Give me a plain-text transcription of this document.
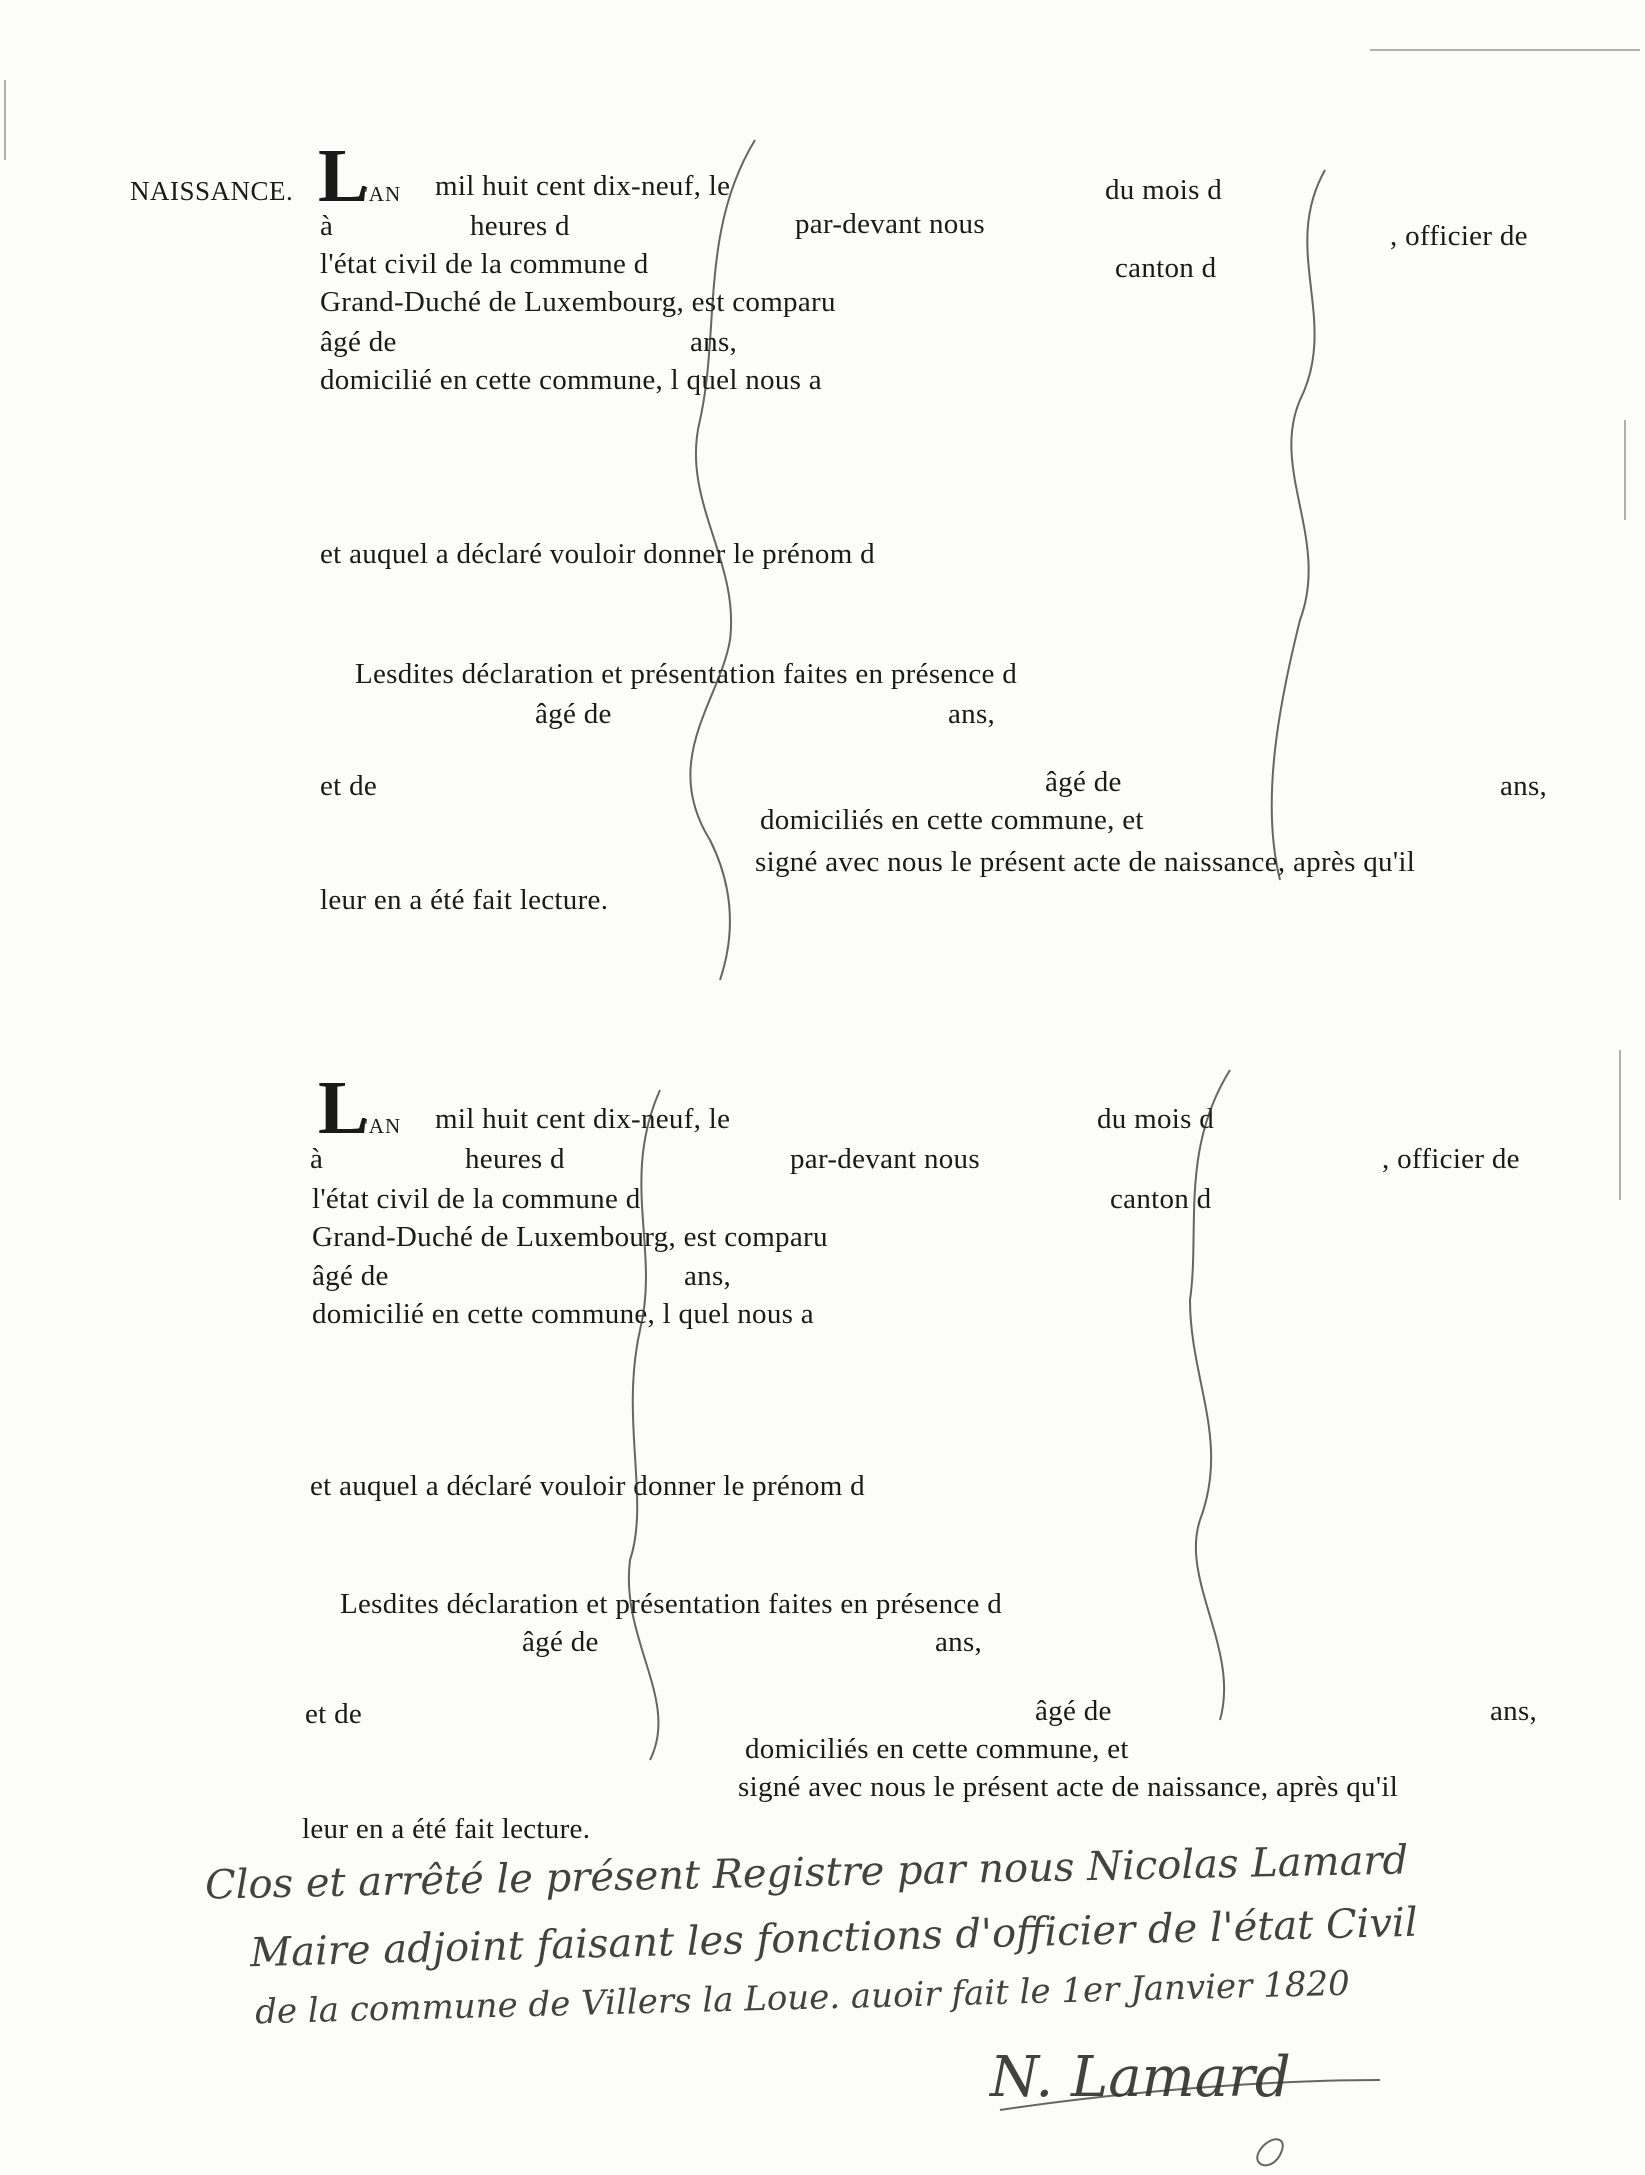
NAISSANCE. L
'AN mil huit cent dix-neuf, le	du mois d
à	heures d	par-devant nous	, officier de
l'état civil de la commune d	canton d
Grand-Duché de Luxembourg, est comparu
âgé de	ans,
domicilié en cette commune, l quel nous a
et auquel a déclaré vouloir donner le prénom d
Lesdites déclaration et présentation faites en présence d
âgé de	ans,
et de	âgé de	ans,
domiciliés en cette commune, et
signé avec nous le présent acte de naissance, après qu'il
leur en a été fait lecture.
L
'AN mil huit cent dix-neuf, le	du mois d
à	heures d	par-devant nous	, officier de
l'état civil de la commune d	canton d
Grand-Duché de Luxembourg, est comparu
âgé de	ans,
domicilié en cette commune, l quel nous a
et auquel a déclaré vouloir donner le prénom d
Lesdites déclaration et présentation faites en présence d
âgé de	ans,
et de	âgé de	ans,
domiciliés en cette commune, et
signé avec nous le présent acte de naissance, après qu'il
leur en a été fait lecture.
Clos et arrêté le présent Registre par nous Nicolas Lamard
Maire adjoint faisant les fonctions d'officier de l'état Civil
de la commune de Villers la Loue. auoir fait le 1er Janvier 1820
N. Lamard
